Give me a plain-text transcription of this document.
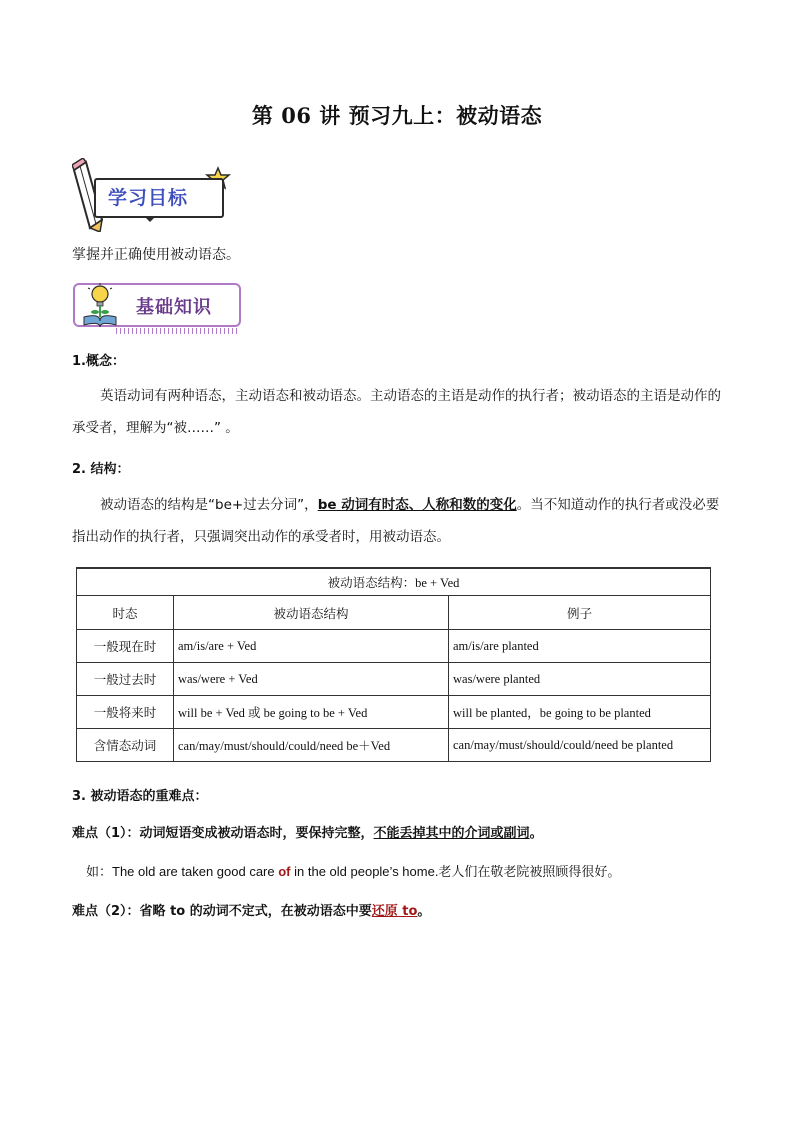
第 06 讲 预习九上：被动语态
学习目标
掌握并正确使用被动语态。
基础知识
1.概念：
英语动词有两种语态，主动语态和被动语态。主动语态的主语是动作的执行者；被动语态的主语是动作的承受者，理解为“被……” 。
2. 结构：
被动语态的结构是“be+过去分词”，be 动词有时态、人称和数的变化。当不知道动作的执行者或没必要指出动作的执行者，只强调突出动作的承受者时，用被动语态。
被动语态结构：be + Ved		
时态	被动语态结构	例子
一般现在时	am/is/are + Ved	am/is/are planted
一般过去时	was/were + Ved	was/were planted
一般将来时	will be + Ved 或 be going to be + Ved	will be planted，be going to be planted
含情态动词	can/may/must/should/could/need be＋Ved	can/may/must/should/could/need be planted
3. 被动语态的重难点：
难点（1）：动词短语变成被动语态时，要保持完整，不能丢掉其中的介词或副词。
如：The old are taken good care of in the old people’s home.老人们在敬老院被照顾得很好。
难点（2）：省略 to 的动词不定式，在被动语态中要还原 to。
